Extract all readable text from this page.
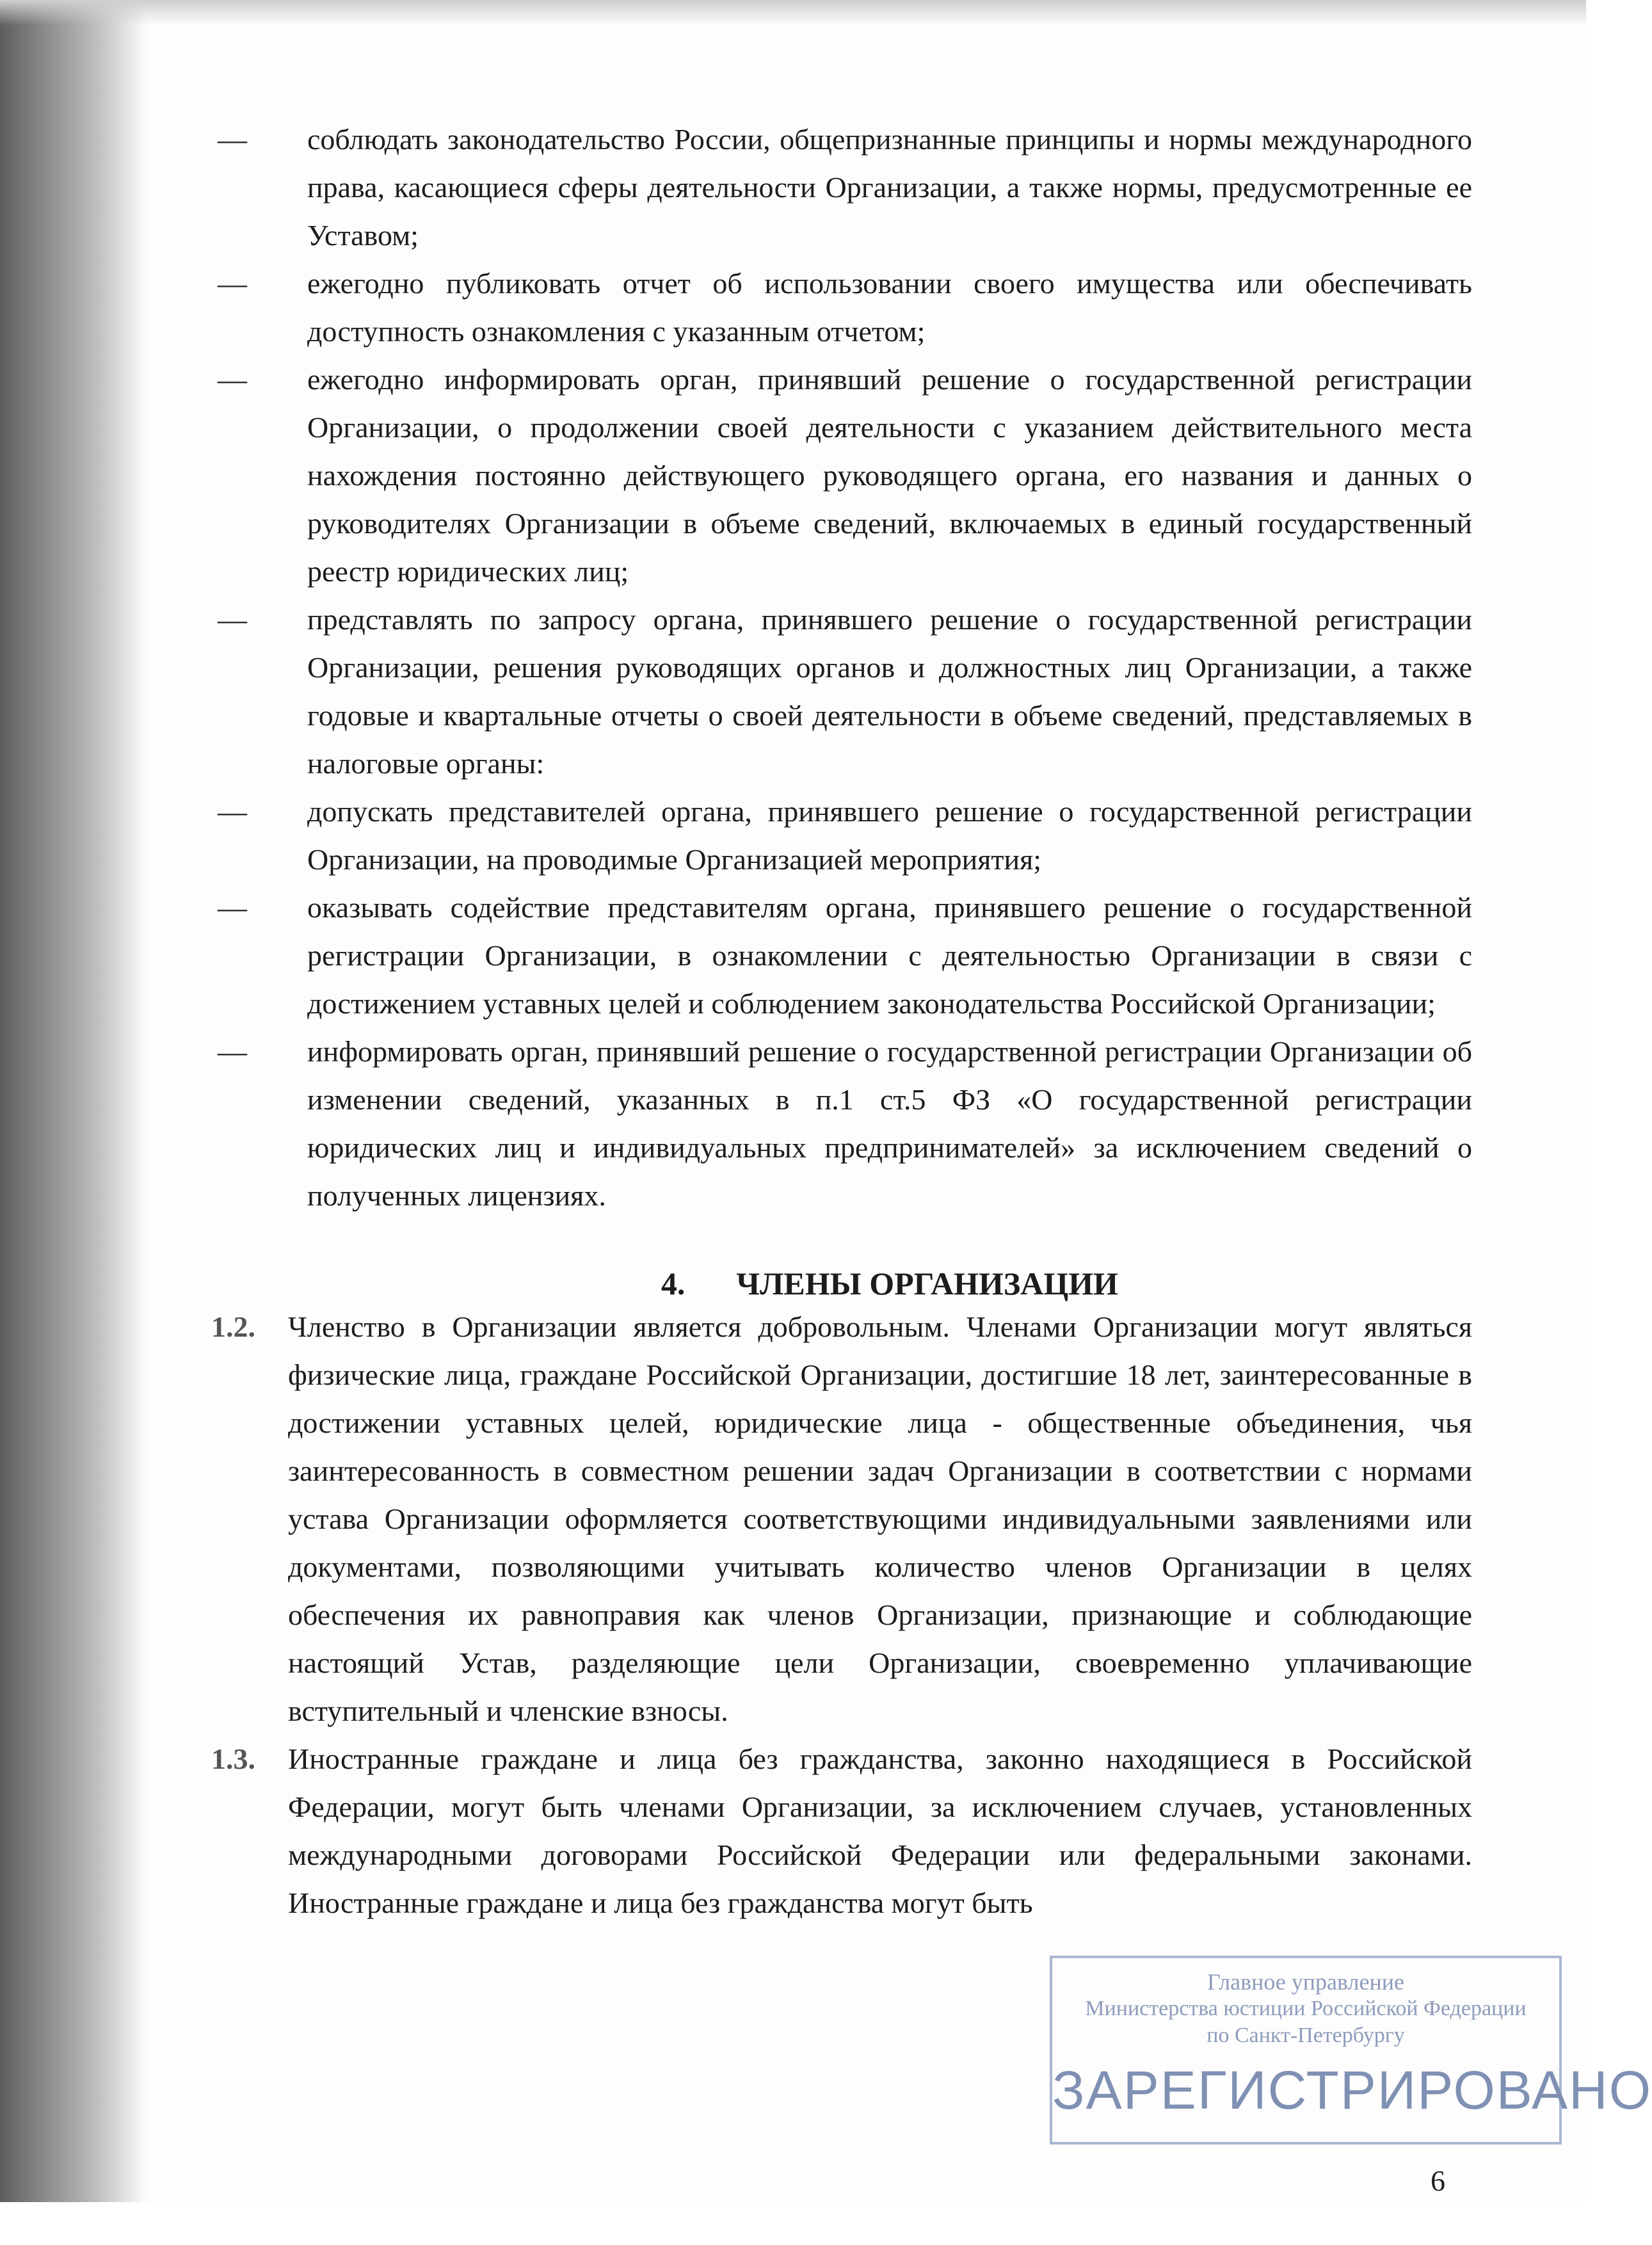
— соблюдать законодательство России, общепризнанные принципы и нормы международного права, касающиеся сферы деятельности Организации, а также нормы, предусмотренные ее Уставом;
— ежегодно публиковать отчет об использовании своего имущества или обеспечивать доступность ознакомления с указанным отчетом;
— ежегодно информировать орган, принявший решение о государственной регистрации Организации, о продолжении своей деятельности с указанием действительного места нахождения постоянно действующего руководящего органа, его названия и данных о руководителях Организации в объеме сведений, включаемых в единый государственный реестр юридических лиц;
— представлять по запросу органа, принявшего решение о государственной регистрации Организации, решения руководящих органов и должностных лиц Организации, а также годовые и квартальные отчеты о своей деятельности в объеме сведений, представляемых в налоговые органы:
— допускать представителей органа, принявшего решение о государственной регистрации Организации, на проводимые Организацией мероприятия;
— оказывать содействие представителям органа, принявшего решение о государственной регистрации Организации, в ознакомлении с деятельностью Организации в связи с достижением уставных целей и соблюдением законодательства Российской Организации;
— информировать орган, принявший решение о государственной регистрации Организации об изменении сведений, указанных в п.1 ст.5 ФЗ «О государственной регистрации юридических лиц и индивидуальных предпринимателей» за исключением сведений о полученных лицензиях.
4. ЧЛЕНЫ ОРГАНИЗАЦИИ
1.2. Членство в Организации является добровольным. Членами Организации могут являться физические лица, граждане Российской Организации, достигшие 18 лет, заинтересованные в достижении уставных целей, юридические лица - общественные объединения, чья заинтересованность в совместном решении задач Организации в соответствии с нормами устава Организации оформляется соответствующими индивидуальными заявлениями или документами, позволяющими учитывать количество членов Организации в целях обеспечения их равноправия как членов Организации, признающие и соблюдающие настоящий Устав, разделяющие цели Организации, своевременно уплачивающие вступительный и членские взносы.
1.3. Иностранные граждане и лица без гражданства, законно находящиеся в Российской Федерации, могут быть членами Организации, за исключением случаев, установленных международными договорами Российской Федерации или федеральными законами. Иностранные граждане и лица без гражданства могут быть
Главное управление
Министерства юстиции Российской Федерации
по Санкт-Петербургу
ЗАРЕГИСТРИРОВАНО
6
